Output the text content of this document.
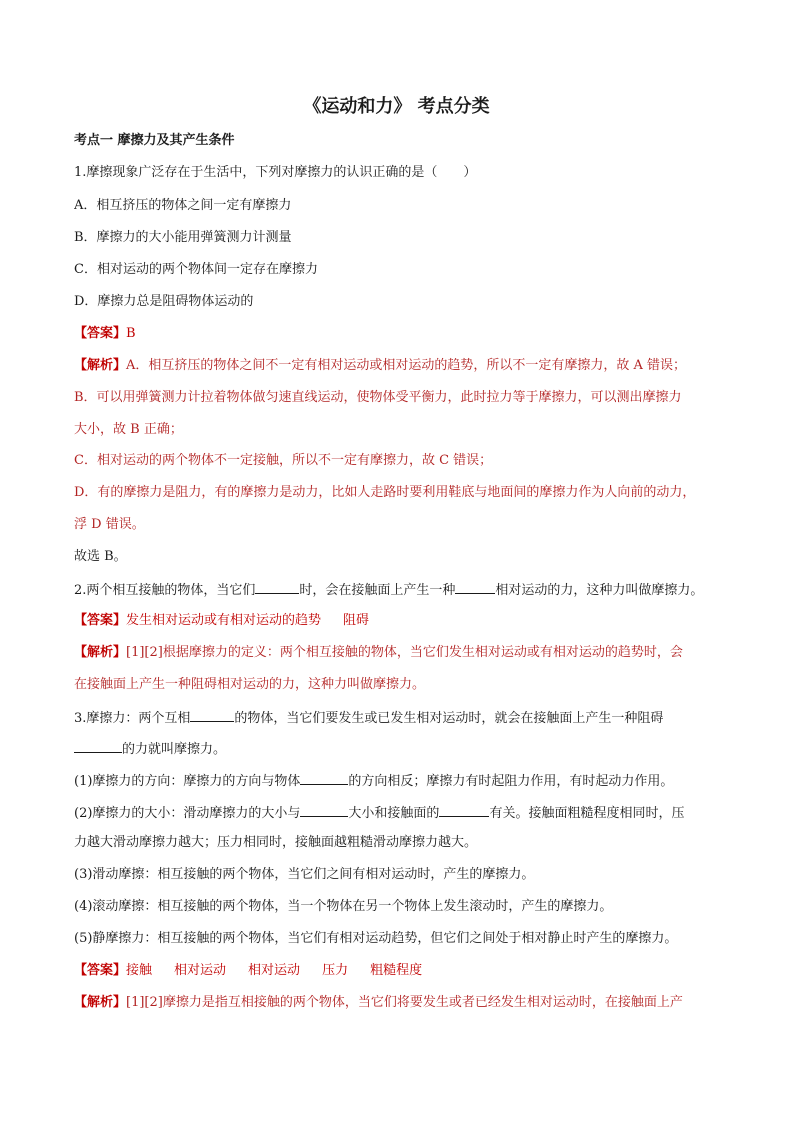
《运动和力》 考点分类
考点一 摩擦力及其产生条件
1.摩擦现象广泛存在于生活中，下列对摩擦力的认识正确的是（　　）
A．相互挤压的物体之间一定有摩擦力
B．摩擦力的大小能用弹簧测力计测量
C．相对运动的两个物体间一定存在摩擦力
D．摩擦力总是阻碍物体运动的
【答案】B
【解析】A．相互挤压的物体之间不一定有相对运动或相对运动的趋势，所以不一定有摩擦力，故 A 错误；
B．可以用弹簧测力计拉着物体做匀速直线运动，使物体受平衡力，此时拉力等于摩擦力，可以测出摩擦力
大小，故 B 正确；
C．相对运动的两个物体不一定接触，所以不一定有摩擦力，故 C 错误；
D．有的摩擦力是阻力，有的摩擦力是动力，比如人走路时要利用鞋底与地面间的摩擦力作为人向前的动力，
浮 D 错误。
故选 B。
2.两个相互接触的物体，当它们	时，会在接触面上产生一种	相对运动的力，这种力叫做摩擦力。
【答案】发生相对运动或有相对运动的趋势 阻碍
【解析】[1][2]根据摩擦力的定义：两个相互接触的物体，当它们发生相对运动或有相对运动的趋势时，会
在接触面上产生一种阻碍相对运动的力，这种力叫做摩擦力。
3.摩擦力：两个互相	的物体，当它们要发生或已发生相对运动时，就会在接触面上产生一种阻碍
的力就叫摩擦力。
(1)摩擦力的方向：摩擦力的方向与物体	的方向相反；摩擦力有时起阻力作用，有时起动力作用。
(2)摩擦力的大小：滑动摩擦力的大小与	大小和接触面的	有关。接触面粗糙程度相同时，压
力越大滑动摩擦力越大；压力相同时，接触面越粗糙滑动摩擦力越大。
(3)滑动摩擦：相互接触的两个物体，当它们之间有相对运动时，产生的摩擦力。
(4)滚动摩擦：相互接触的两个物体，当一个物体在另一个物体上发生滚动时，产生的摩擦力。
(5)静摩擦力：相互接触的两个物体，当它们有相对运动趋势，但它们之间处于相对静止时产生的摩擦力。
【答案】接触 相对运动 相对运动 压力 粗糙程度
【解析】[1][2]摩擦力是指互相接触的两个物体，当它们将要发生或者已经发生相对运动时，在接触面上产
